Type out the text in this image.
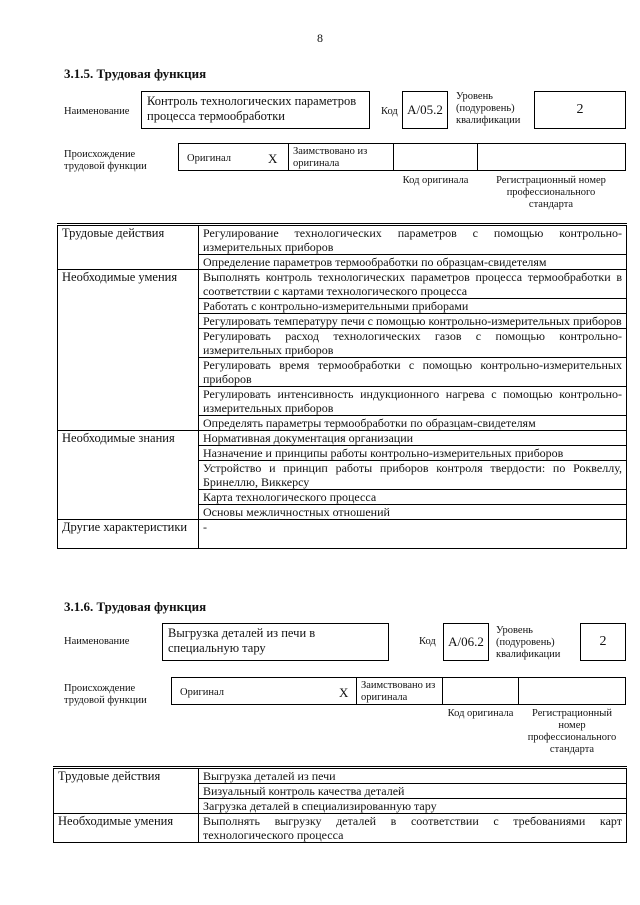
8
3.1.5. Трудовая функция
Наименование
Контроль технологических параметров процесса термообработки	Код A/05.2
Уровень (подуровень) квалификации
2
Происхождение трудовой функции
Оригинал	X Заимствовано из оригинала
Код оригинала	Регистрационный номер профессионального стандарта
Трудовые действия	Регулирование технологических параметров с помощью контрольно-измерительных приборов
	Определение параметров термообработки по образцам-свидетелям
Необходимые умения	Выполнять контроль технологических параметров процесса термообработки в соответствии с картами технологического процесса
	Работать с контрольно-измерительными приборами
	Регулировать температуру печи с помощью контрольно-измерительных приборов
	Регулировать расход технологических газов с помощью контрольно-измерительных приборов
	Регулировать время термообработки с помощью контрольно-измерительных приборов
	Регулировать интенсивность индукционного нагрева с помощью контрольно-измерительных приборов
	Определять параметры термообработки по образцам-свидетелям
Необходимые знания	Нормативная документация организации
	Назначение и принципы работы контрольно-измерительных приборов
	Устройство и принцип работы приборов контроля твердости: по Роквеллу, Бринеллю, Виккерсу
	Карта технологического процесса
	Основы межличностных отношений
Другие характеристики	-
3.1.6. Трудовая функция
Наименование
Выгрузка деталей из печи в специальную тару	Код A/06.2
Уровень (подуровень) квалификации
2
Происхождение трудовой функции
Оригинал	X Заимствовано из оригинала
Код оригинала	Регистрационный номер профессионального стандарта
Трудовые действия	Выгрузка деталей из печи
	Визуальный контроль качества деталей
	Загрузка деталей в специализированную тару
Необходимые умения	Выполнять выгрузку деталей в соответствии с требованиями карт технологического процесса
